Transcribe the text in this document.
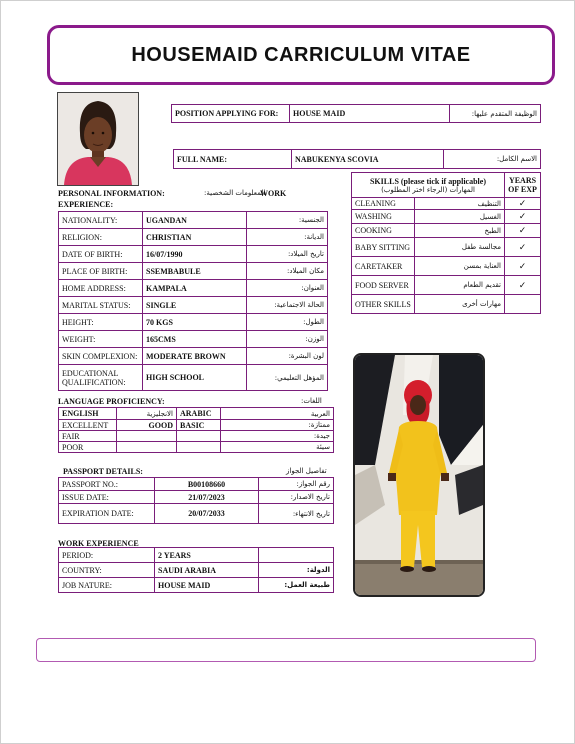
HOUSEMAID CARRICULUM VITAE
POSITION APPLYING FOR:	HOUSE MAID	الوظيفة المتقدم عليها:
FULL NAME:	NABUKENYA SCOVIA	الاسم الكامل:
PERSONAL INFORMATION:	المعلومات الشخصية:
WORK
EXPERIENCE:
NATIONALITY:	UGANDAN	الجنسية:
RELIGION:	CHRISTIAN	الديانة:
DATE OF BIRTH:	16/07/1990	تاريخ الميلاد:
PLACE OF BIRTH:	SSEMBABULE	مكان الميلاد:
HOME ADDRESS:	KAMPALA	العنوان:
MARITAL STATUS:	SINGLE	الحالة الاجتماعية:
HEIGHT:	70 KGS	الطول:
WEIGHT:	165CMS	الوزن:
SKIN COMPLEXION:	MODERATE BROWN	لون البشرة:
EDUCATIONAL QUALIFICATION:	HIGH SCHOOL	المؤهل التعليمي:
SKILLS (please tick if applicable)
المهارات (الرجاء اختر المطلوب)		YEARS OF EXP
CLEANING	التنظيف	✓
WASHING	الغسيل	✓
COOKING	الطبخ	✓
BABY SITTING	مجالسة طفل	✓
CARETAKER	العناية بمسن	✓
FOOD SERVER	تقديم الطعام	✓
OTHER SKILLS	مهارات أخرى	
LANGUAGE PROFICIENCY:	اللغات:
ENGLISH	الانجليزية	ARABIC	العربية
EXCELLENT	GOOD	BASIC	ممتازة:
FAIR			جيدة:
POOR			سيئة
PASSPORT DETAILS:	تفاصيل الجواز
PASSPORT NO.:	B00108660	رقم الجواز:
ISSUE DATE:	21/07/2023	تاريخ الاصدار:
EXPIRATION DATE:	20/07/2033	تاريخ الانتهاء:
WORK EXPERIENCE
PERIOD:	2 YEARS	
COUNTRY:	SAUDI ARABIA	الدولة:
JOB NATURE:	HOUSE MAID	طبيعة العمل:
